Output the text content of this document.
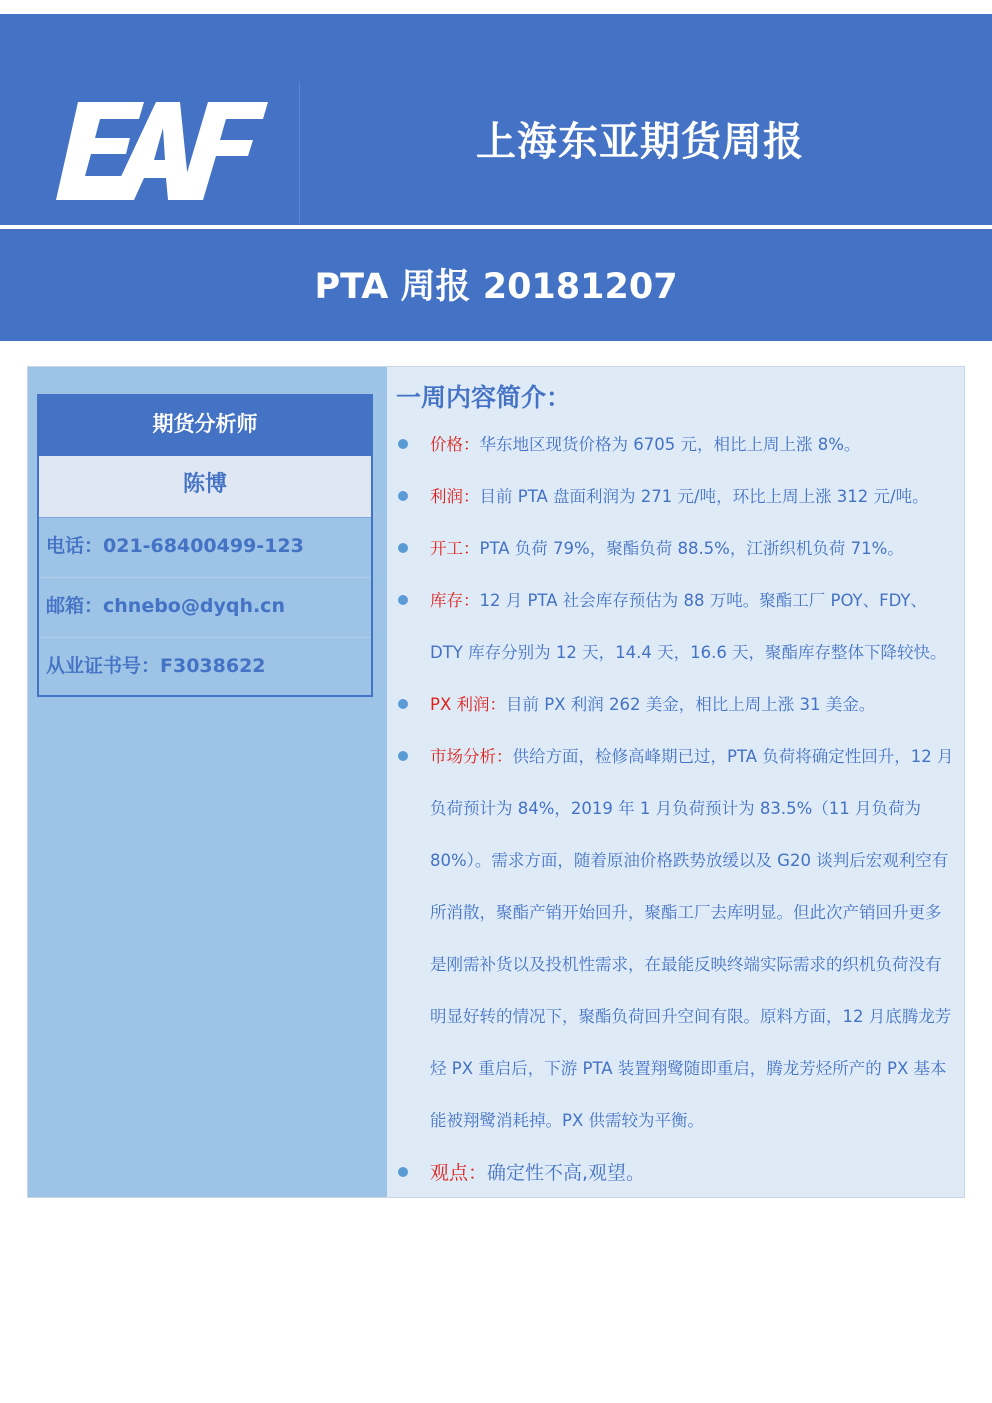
上海东亚期货周报
PTA 周报 20181207
期货分析师
陈博
电话：021-68400499-123
邮箱：chnebo@dyqh.cn
从业证书号：F3038622
一周内容简介：

价格：华东地区现货价格为 6705 元，相比上周上涨 8%。

利润：目前 PTA 盘面利润为 271 元/吨，环比上周上涨 312 元/吨。

开工：PTA 负荷 79%，聚酯负荷 88.5%，江浙织机负荷 71%。

库存：12 月 PTA 社会库存预估为 88 万吨。聚酯工厂 POY、FDY、DTY 库存分别为 12 天，14.4 天，16.6 天，聚酯库存整体下降较快。

PX 利润：目前 PX 利润 262 美金，相比上周上涨 31 美金。

市场分析：供给方面，检修高峰期已过，PTA 负荷将确定性回升，12 月负荷预计为 84%，2019 年 1 月负荷预计为 83.5%（11 月负荷为 80%）。需求方面，随着原油价格跌势放缓以及 G20 谈判后宏观利空有所消散，聚酯产销开始回升，聚酯工厂去库明显。但此次产销回升更多是刚需补货以及投机性需求，在最能反映终端实际需求的织机负荷没有明显好转的情况下，聚酯负荷回升空间有限。原料方面，12 月底腾龙芳烃 PX 重启后，下游 PTA 装置翔鹭随即重启，腾龙芳烃所产的 PX 基本能被翔鹭消耗掉。PX 供需较为平衡。

观点：确定性不高,观望。
